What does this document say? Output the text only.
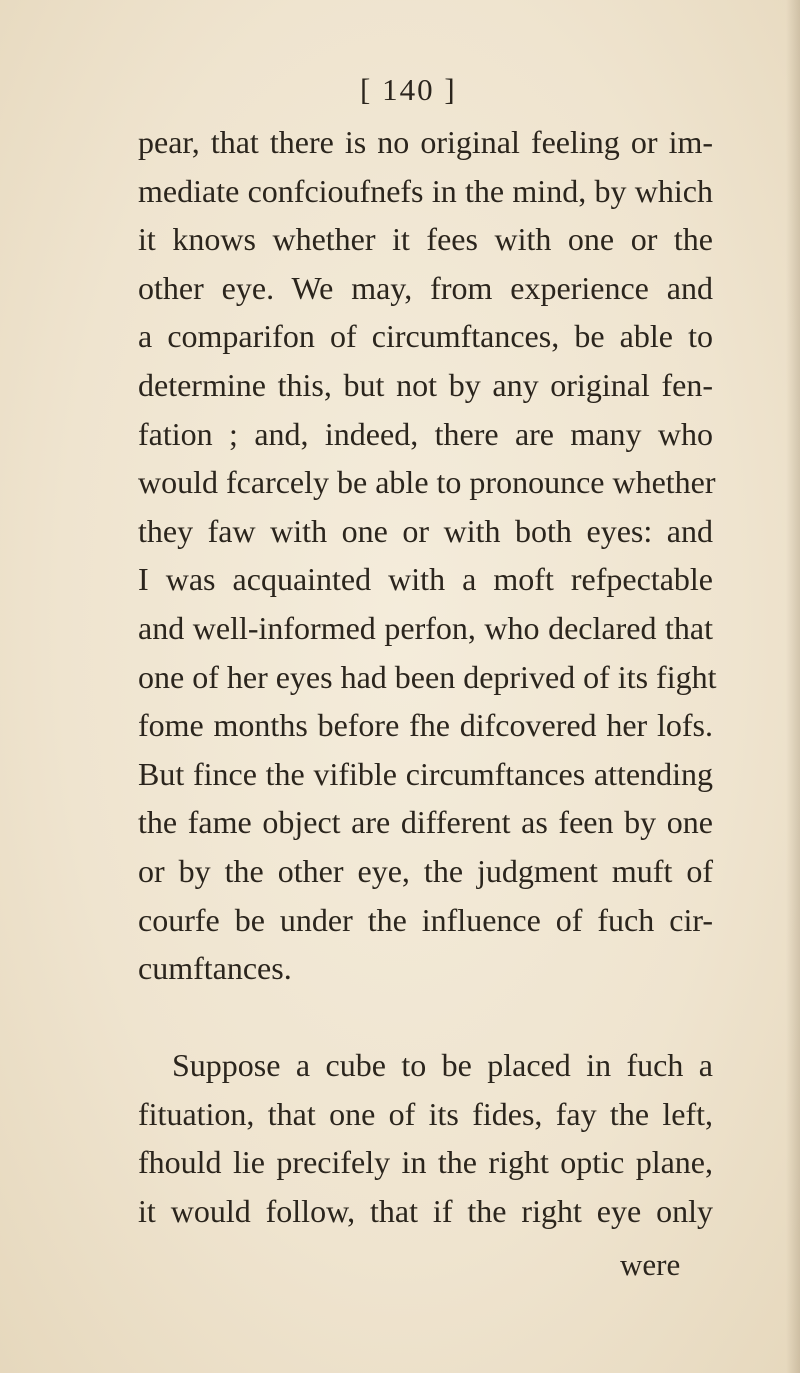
[ 140 ]
pear, that there is no original feeling or im-
mediate confcioufnefs in the mind, by which
it knows whether it fees with one or the
other eye. We may, from experience and
a comparifon of circumftances, be able to
determine this, but not by any original fen-
fation ; and, indeed, there are many who
would fcarcely be able to pronounce whether
they faw with one or with both eyes: and
I was acquainted with a moft refpectable
and well-informed perfon, who declared that
one of her eyes had been deprived of its fight
fome months before fhe difcovered her lofs.
But fince the vifible circumftances attending
the fame object are different as feen by one
or by the other eye, the judgment muft of
courfe be under the influence of fuch cir-
cumftances.
Suppose a cube to be placed in fuch a
fituation, that one of its fides, fay the left,
fhould lie precifely in the right optic plane,
it would follow, that if the right eye only
were
